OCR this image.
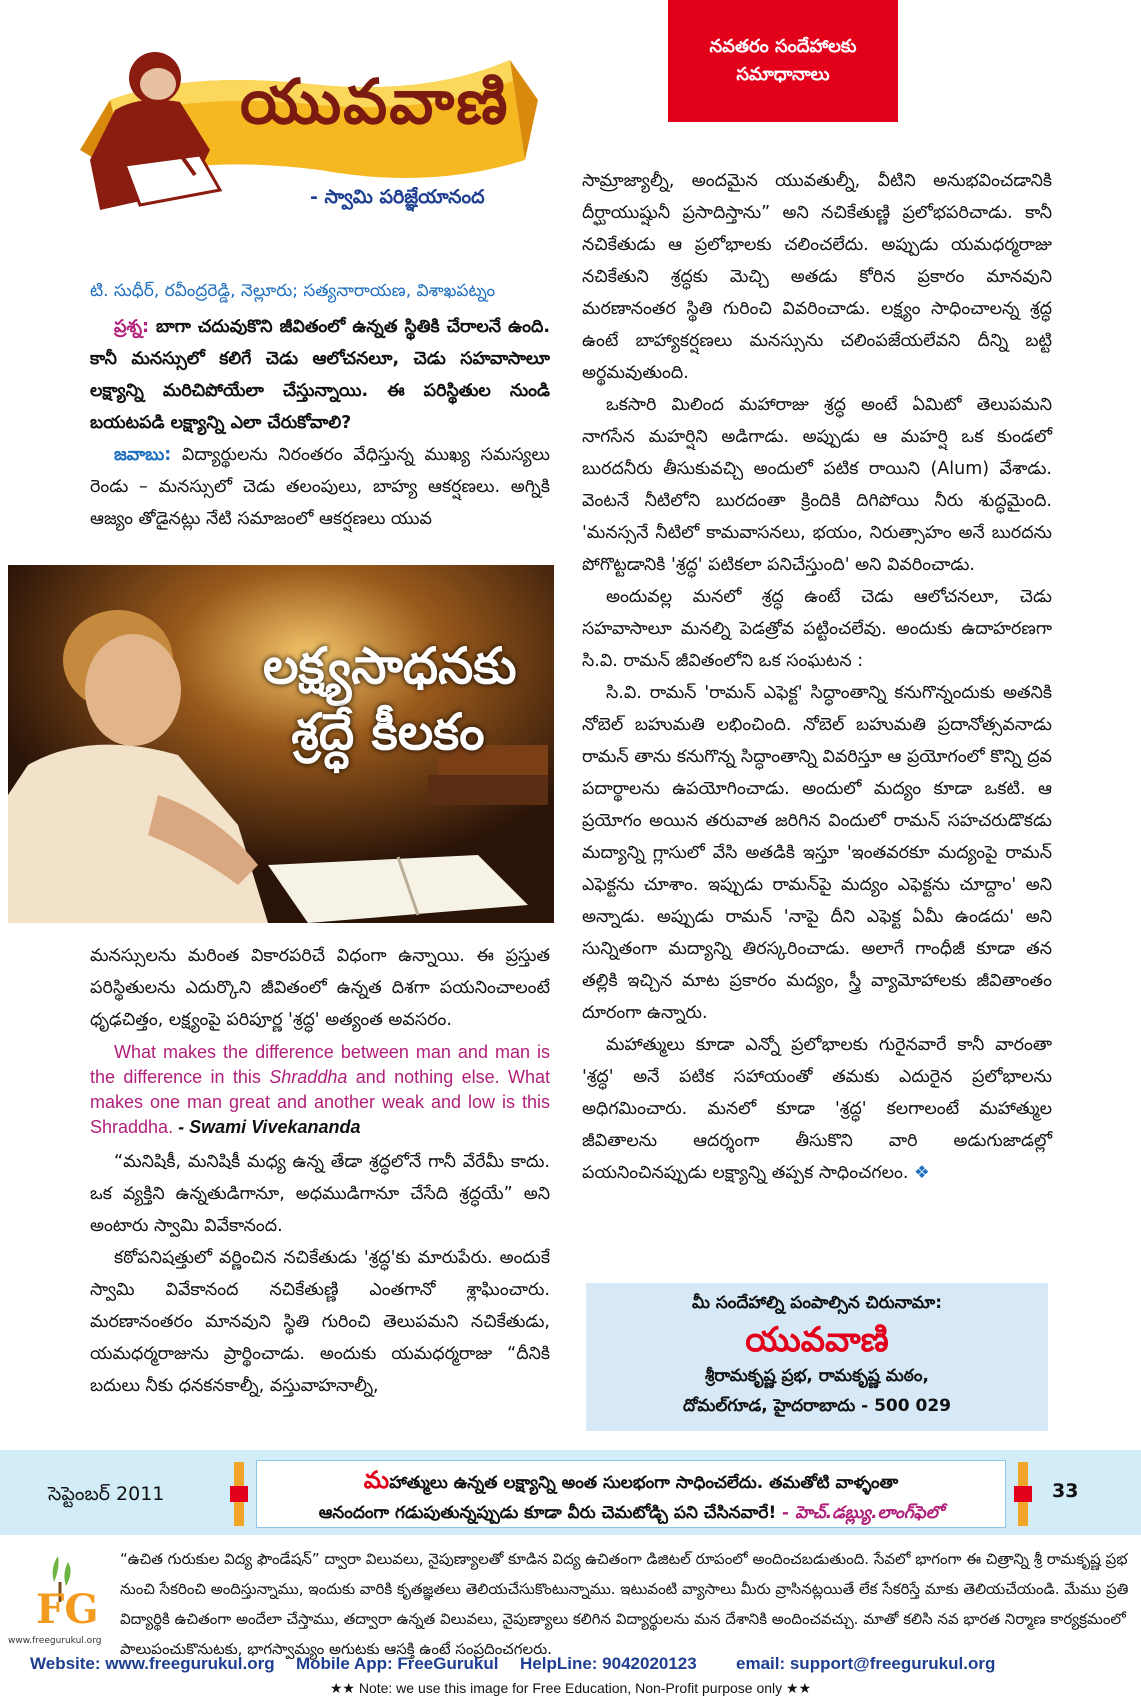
యువవాణి
నవతరం సందేహాలకు
సమాధానాలు
- స్వామి పరిజ్ఞేయానంద

టి. సుధీర్, రవీంద్రరెడ్డి, నెల్లూరు; సత్యనారాయణ, విశాఖపట్నం

ప్రశ్న: బాగా చదువుకొని జీవితంలో ఉన్నత స్థితికి చేరాలనే ఉంది. కానీ మనస్సులో కలిగే చెడు ఆలోచనలూ, చెడు సహవాసాలూ లక్ష్యాన్ని మరిచిపోయేలా చేస్తున్నాయి. ఈ పరిస్థితుల నుండి బయటపడి లక్ష్యాన్ని ఎలా చేరుకోవాలి?

జవాబు: విద్యార్థులను నిరంతరం వేధిస్తున్న ముఖ్య సమస్యలు రెండు – మనస్సులో చెడు తలంపులు, బాహ్య ఆకర్షణలు. అగ్నికి ఆజ్యం తోడైనట్లు నేటి సమాజంలో ఆకర్షణలు యువ

లక్ష్యసాధనకు
శ్రద్ధే కీలకం

మనస్సులను మరింత వికారపరిచే విధంగా ఉన్నాయి. ఈ ప్రస్తుత పరిస్థితులను ఎదుర్కొని జీవితంలో ఉన్నత దిశగా పయనించాలంటే ధృఢచిత్తం, లక్ష్యంపై పరిపూర్ణ 'శ్రద్ధ' అత్యంత అవసరం.

What makes the difference between man and man is the difference in this Shraddha and nothing else. What makes one man great and another weak and low is this Shraddha. - Swami Vivekananda

“మనిషికీ, మనిషికీ మధ్య ఉన్న తేడా శ్రద్ధలోనే గానీ వేరేమీ కాదు. ఒక వ్యక్తిని ఉన్నతుడిగానూ, అధముడిగానూ చేసేది శ్రద్ధయే” అని అంటారు స్వామి వివేకానంద.

కఠోపనిషత్తులో వర్ణించిన నచికేతుడు 'శ్రద్ధ'కు మారుపేరు. అందుకే స్వామి వివేకానంద నచికేతుణ్ణి ఎంతగానో శ్లాఘించారు. మరణానంతరం మానవుని స్థితి గురించి తెలుపమని నచికేతుడు, యమధర్మరాజును ప్రార్థించాడు. అందుకు యమధర్మరాజు “దీనికి బదులు నీకు ధనకనకాల్నీ, వస్తువాహనాల్నీ,

సామ్రాజ్యాల్నీ, అందమైన యువతుల్నీ, వీటిని అనుభవించడానికి దీర్ఘాయుష్షునీ ప్రసాదిస్తాను” అని నచికేతుణ్ణి ప్రలోభపరిచాడు. కానీ నచికేతుడు ఆ ప్రలోభాలకు చలించలేదు. అప్పుడు యమధర్మరాజు నచికేతుని శ్రద్ధకు మెచ్చి అతడు కోరిన ప్రకారం మానవుని మరణానంతర స్థితి గురించి వివరించాడు. లక్ష్యం సాధించాలన్న శ్రద్ధ ఉంటే బాహ్యాకర్షణలు మనస్సును చలింపజేయలేవని దీన్ని బట్టి అర్థమవుతుంది.

ఒకసారి మిలింద మహారాజు శ్రద్ధ అంటే ఏమిటో తెలుపమని నాగసేన మహర్షిని అడిగాడు. అప్పుడు ఆ మహర్షి ఒక కుండలో బురదనీరు తీసుకువచ్చి అందులో పటిక రాయిని (Alum) వేశాడు. వెంటనే నీటిలోని బురదంతా క్రిందికి దిగిపోయి నీరు శుద్ధమైంది. 'మనస్సనే నీటిలో కామవాసనలు, భయం, నిరుత్సాహం అనే బురదను పోగొట్టడానికి 'శ్రద్ధ' పటికలా పనిచేస్తుంది' అని వివరించాడు.

అందువల్ల మనలో శ్రద్ధ ఉంటే చెడు ఆలోచనలూ, చెడు సహవాసాలూ మనల్ని పెడత్రోవ పట్టించలేవు. అందుకు ఉదాహరణగా సి.వి. రామన్ జీవితంలోని ఒక సంఘటన :

సి.వి. రామన్ 'రామన్ ఎఫెక్ట' సిద్ధాంతాన్ని కనుగొన్నందుకు అతనికి నోబెల్ బహుమతి లభించింది. నోబెల్ బహుమతి ప్రదానోత్సవనాడు రామన్ తాను కనుగొన్న సిద్ధాంతాన్ని వివరిస్తూ ఆ ప్రయోగంలో కొన్ని ద్రవ పదార్థాలను ఉపయోగించాడు. అందులో మద్యం కూడా ఒకటి. ఆ ప్రయోగం అయిన తరువాత జరిగిన విందులో రామన్ సహచరుడొకడు మద్యాన్ని గ్లాసులో వేసి అతడికి ఇస్తూ 'ఇంతవరకూ మద్యంపై రామన్ ఎఫెక్టను చూశాం. ఇప్పుడు రామన్‌పై మద్యం ఎఫెక్టను చూద్దాం' అని అన్నాడు. అప్పుడు రామన్ 'నాపై దీని ఎఫెక్ట ఏమీ ఉండదు' అని సున్నితంగా మద్యాన్ని తిరస్కరించాడు. అలాగే గాంధీజీ కూడా తన తల్లికి ఇచ్చిన మాట ప్రకారం మద్యం, స్త్రీ వ్యామోహాలకు జీవితాంతం దూరంగా ఉన్నారు.

మహాత్ములు కూడా ఎన్నో ప్రలోభాలకు గురైనవారే కానీ వారంతా 'శ్రద్ధ' అనే పటిక సహాయంతో తమకు ఎదురైన ప్రలోభాలను అధిగమించారు. మనలో కూడా 'శ్రద్ధ' కలగాలంటే మహాత్ముల జీవితాలను ఆదర్శంగా తీసుకొని వారి అడుగుజాడల్లో పయనించినప్పుడు లక్ష్యాన్ని తప్పక సాధించగలం. ❖

మీ సందేహాల్ని పంపాల్సిన చిరునామా:
యువవాణి
శ్రీరామకృష్ణ ప్రభ, రామకృష్ణ మఠం,
దోమల్‌గూడ, హైదరాబాదు - 500 029
సెప్టెంబర్ 2011	33
మహాత్ములు ఉన్నత లక్ష్యాన్ని అంత సులభంగా సాధించలేదు. తమతోటి వాళ్ళంతా
ఆనందంగా గడుపుతున్నప్పుడు కూడా వీరు చెమటోడ్చి పని చేసినవారే! - హెచ్.డబ్ల్యు.లాంగ్‌ఫెలో
FG
www.freegurukul.org
“ఉచిత గురుకుల విద్య ఫౌండేషన్” ద్వారా విలువలు, నైపుణ్యాలతో కూడిన విద్య ఉచితంగా డిజిటల్ రూపంలో అందించబడుతుంది. సేవలో భాగంగా ఈ చిత్రాన్ని శ్రీ రామకృష్ణ ప్రభ నుంచి సేకరించి అందిస్తున్నాము, ఇందుకు వారికి కృతజ్ఞతలు తెలియచేసుకొంటున్నాము. ఇటువంటి వ్యాసాలు మీరు వ్రాసినట్లయితే లేక సేకరిస్తే మాకు తెలియచేయండి. మేము ప్రతి విద్యార్థికి ఉచితంగా అందేలా చేస్తాము, తద్వారా ఉన్నత విలువలు, నైపుణ్యాలు కలిగిన విద్యార్థులను మన దేశానికి అందించవచ్చు. మాతో కలిసి నవ భారత నిర్మాణ కార్యక్రమంలో పాలుపంచుకొనుటకు, భాగస్వామ్యం అగుటకు ఆసక్తి ఉంటే సంప్రదించగలరు.
Website: www.freegurukul.org Mobile App: FreeGurukul HelpLine: 9042020123 email: support@freegurukul.org
★★ Note: we use this image for Free Education, Non-Profit purpose only ★★
